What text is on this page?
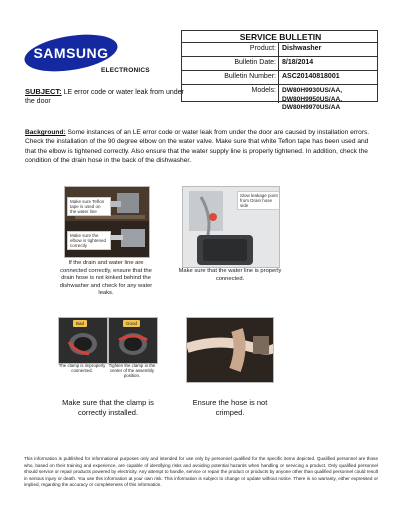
SAMSUNG
ELECTRONICS
SERVICE BULLETIN
Product: Dishwasher
Bulletin Date: 8/18/2014
Bulletin Number: ASC20140818001
Models: DW80H9930US/AA,
DW80H9950US/AA,
DW80H9970US/AA
SUBJECT: LE error code or water leak from under the door
Background: Some instances of an LE error code or water leak from under the door are caused by installation errors. Check the installation of the 90 degree elbow on the water valve. Make sure that white Teflon tape has been used and that the elbow is tightened correctly. Also ensure that the water supply line is properly tightened. In addition, check the condition of the drain hose in the back of the dishwasher.
Make sure Teflon tape is used on the water line
Make sure the elbow is tightened correctly
If the drain and water line are connected correctly, ensure that the drain hose is not kinked behind the dishwasher and check for any water leaks.
Slow leakage point from Drain hose side
Make sure that the water line is properly connected.
Bad	Good
The clamp is improperly connected.
Tighten the clamp in the center of the assembly position.
Make sure that the clamp is correctly installed.
Ensure the hose is not crimped.
This information is published for informational purposes only and intended for use only by personnel qualified for the specific items depicted. Qualified personnel are those who, based on their training and experience, are capable of identifying risks and avoiding potential hazards when handling or servicing a product. Only qualified personnel should service or repair products powered by electricity. Any attempt to handle, service or repair the product or products by anyone other than qualified personnel could result in serious injury or death. You use this information at your own risk. This information is subject to change or update without notice. There is no warranty, either expressed or implied, regarding the accuracy or completeness of this information.
